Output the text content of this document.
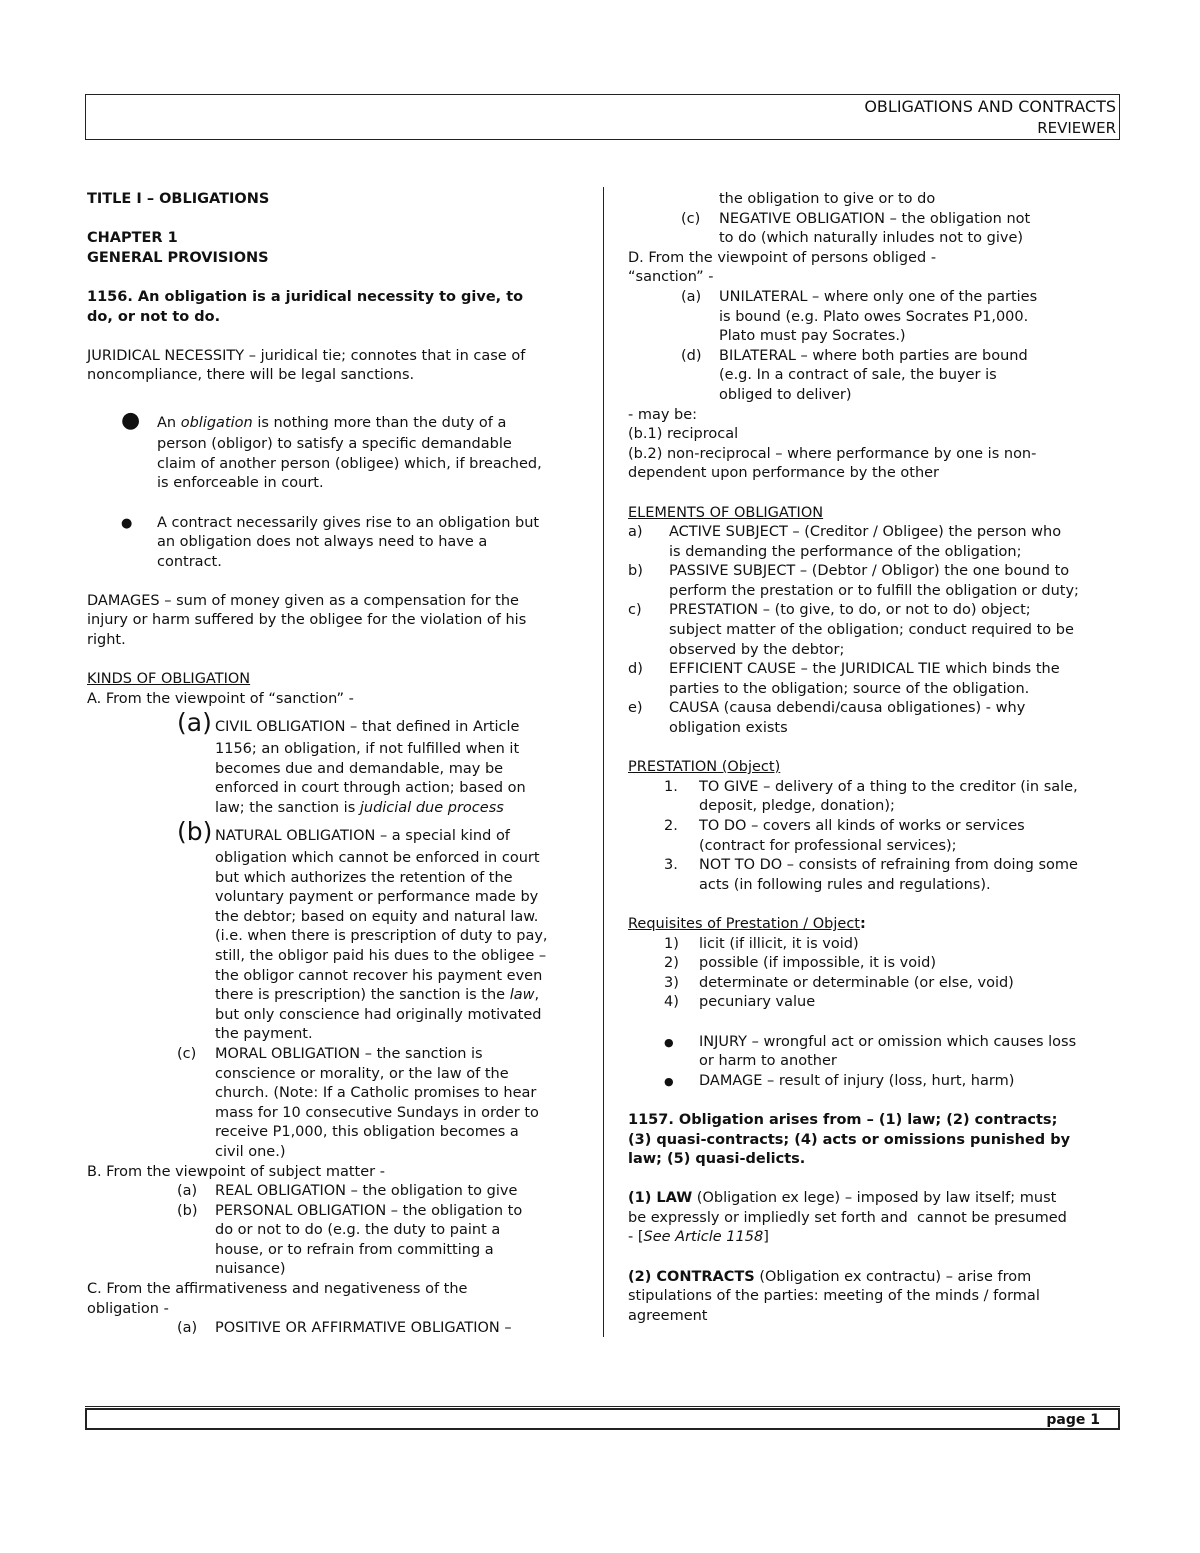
OBLIGATIONS AND CONTRACTS
REVIEWER

TITLE I – OBLIGATIONS

CHAPTER 1

GENERAL PROVISIONS

1156. An obligation is a juridical necessity to give, to

do, or not to do.

JURIDICAL NECESSITY – juridical tie; connotes that in case of

noncompliance, there will be legal sanctions.

● An obligation is nothing more than the duty of a

person (obligor) to satisfy a specific demandable

claim of another person (obligee) which, if breached,

is enforceable in court.

● A contract necessarily gives rise to an obligation but

an obligation does not always need to have a

contract.

DAMAGES – sum of money given as a compensation for the

injury or harm suffered by the obligee for the violation of his

right.

KINDS OF OBLIGATION

A. From the viewpoint of “sanction” -

(a) CIVIL OBLIGATION – that defined in Article

1156; an obligation, if not fulfilled when it

becomes due and demandable, may be

enforced in court through action; based on

law; the sanction is judicial due process

(b) NATURAL OBLIGATION – a special kind of

obligation which cannot be enforced in court

but which authorizes the retention of the

voluntary payment or performance made by

the debtor; based on equity and natural law.

(i.e. when there is prescription of duty to pay,

still, the obligor paid his dues to the obligee –

the obligor cannot recover his payment even

there is prescription) the sanction is the law,

but only conscience had originally motivated

the payment.

(c)	MORAL OBLIGATION – the sanction is

conscience or morality, or the law of the

church. (Note: If a Catholic promises to hear

mass for 10 consecutive Sundays in order to

receive P1,000, this obligation becomes a

civil one.)

B. From the viewpoint of subject matter -

(a)	REAL OBLIGATION – the obligation to give
(b)	PERSONAL OBLIGATION – the obligation to

do or not to do (e.g. the duty to paint a

house, or to refrain from committing a

nuisance)

C. From the affirmativeness and negativeness of the

obligation -

(a)	POSITIVE OR AFFIRMATIVE OBLIGATION –

the obligation to give or to do

(c)	NEGATIVE OBLIGATION – the obligation not

to do (which naturally inludes not to give)

D. From the viewpoint of persons obliged -

“sanction” -

(a)	UNILATERAL – where only one of the parties

is bound (e.g. Plato owes Socrates P1,000.

Plato must pay Socrates.)

(d)	BILATERAL – where both parties are bound

(e.g. In a contract of sale, the buyer is

obliged to deliver)

- may be:

(b.1) reciprocal

(b.2) non-reciprocal – where performance by one is non-

dependent upon performance by the other

ELEMENTS OF OBLIGATION

a)	ACTIVE SUBJECT – (Creditor / Obligee) the person who

is demanding the performance of the obligation;

b)	PASSIVE SUBJECT – (Debtor / Obligor) the one bound to

perform the prestation or to fulfill the obligation or duty;

c)	PRESTATION – (to give, to do, or not to do) object;

subject matter of the obligation; conduct required to be

observed by the debtor;

d)	EFFICIENT CAUSE – the JURIDICAL TIE which binds the

parties to the obligation; source of the obligation.

e)	CAUSA (causa debendi/causa obligationes) - why

obligation exists

PRESTATION (Object)

1.	TO GIVE – delivery of a thing to the creditor (in sale,

deposit, pledge, donation);

2.	TO DO – covers all kinds of works or services

(contract for professional services);

3.	NOT TO DO – consists of refraining from doing some

acts (in following rules and regulations).

Requisites of Prestation / Object:

1)	licit (if illicit, it is void)
2)	possible (if impossible, it is void)
3)	determinate or determinable (or else, void)
4)	pecuniary value
● INJURY – wrongful act or omission which causes loss

or harm to another

● DAMAGE – result of injury (loss, hurt, harm)

1157. Obligation arises from – (1) law; (2) contracts;

(3) quasi-contracts; (4) acts or omissions punished by

law; (5) quasi-delicts.

(1) LAW (Obligation ex lege) – imposed by law itself; must

be expressly or impliedly set forth and  cannot be presumed

- [See Article 1158]

(2) CONTRACTS (Obligation ex contractu) – arise from

stipulations of the parties: meeting of the minds / formal

agreement

page 1
